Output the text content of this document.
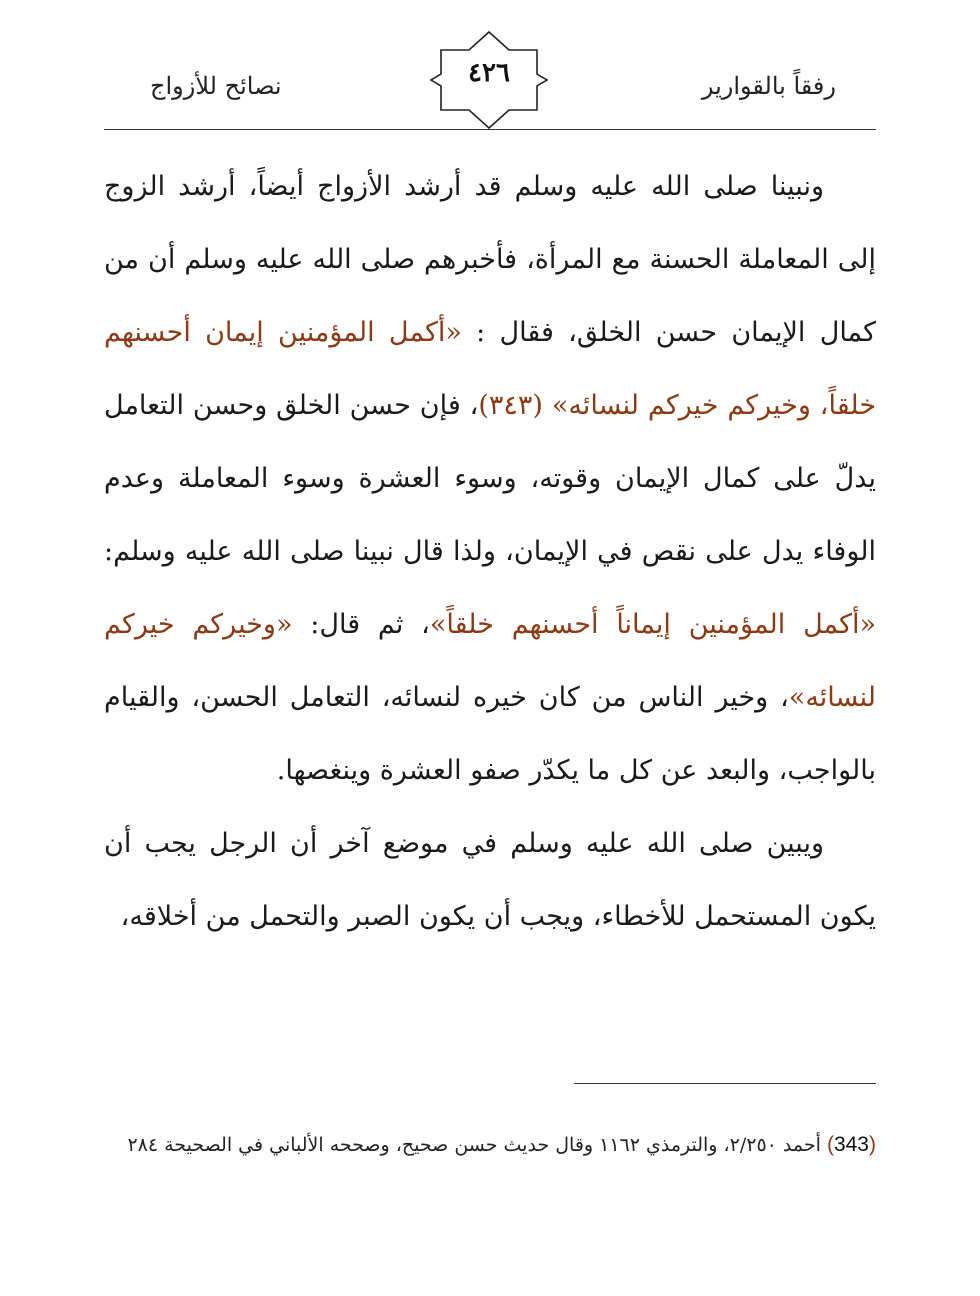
رفقاً بالقوارير
٤٢٦
نصائح للأزواج

ونبينا صلى الله عليه وسلم قد أرشد الأزواج أيضاً، أرشد الزوج إلى المعاملة الحسنة مع المرأة، فأخبرهم صلى الله عليه وسلم أن من كمال الإيمان حسن الخلق، فقال : «أكمل المؤمنين إيمان أحسنهم خلقاً، وخيركم خيركم لنسائه» (٣٤٣)، فإن حسن الخلق وحسن التعامل يدلّ على كمال الإيمان وقوته، وسوء العشرة وسوء المعاملة وعدم الوفاء يدل على نقص في الإيمان، ولذا قال نبينا صلى الله عليه وسلم: «أكمل المؤمنين إيماناً أحسنهم خلقاً»، ثم قال: «وخيركم خيركم لنسائه»، وخير الناس من كان خيره لنسائه، التعامل الحسن، والقيام بالواجب، والبعد عن كل ما يكدّر صفو العشرة وينغصها.

ويبين صلى الله عليه وسلم في موضع آخر أن الرجل يجب أن يكون المستحمل للأخطاء، ويجب أن يكون الصبر والتحمل من أخلاقه،

(343) أحمد ٢/٢٥٠، والترمذي ١١٦٢ وقال حديث حسن صحيح، وصححه الألباني في الصحيحة ٢٨٤
